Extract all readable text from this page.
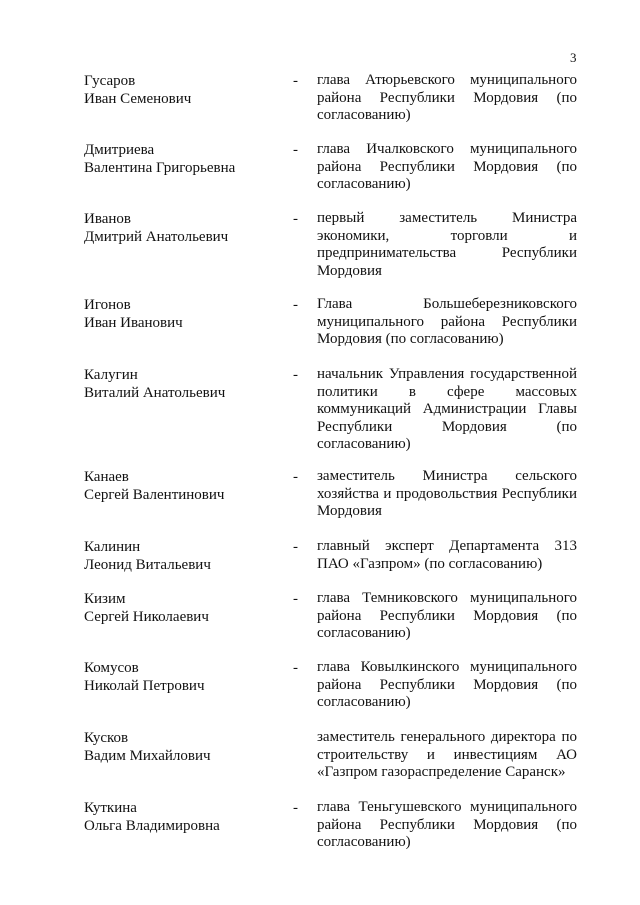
3
Гусаров
Иван Семенович
- глава Атюрьевского муниципального
района Республики Мордовия (по
согласованию)
Дмитриева
Валентина Григорьевна
- глава Ичалковского муниципального
района Республики Мордовия (по
согласованию)
Иванов
Дмитрий Анатольевич
- первый заместитель Министра
экономики, торговли и
предпринимательства Республики
Мордовия
Игонов
Иван Иванович
- Глава Большеберезниковского
муниципального района Республики
Мордовия (по согласованию)
Калугин
Виталий Анатольевич
- начальник Управления государственной
политики в сфере массовых
коммуникаций Администрации Главы
Республики Мордовия (по
согласованию)
Канаев
Сергей Валентинович
- заместитель Министра сельского
хозяйства и продовольствия Республики
Мордовия
Калинин
Леонид Витальевич
- главный эксперт Департамента 313
ПАО «Газпром» (по согласованию)
Кизим
Сергей Николаевич
- глава Темниковского муниципального
района Республики Мордовия (по
согласованию)
Комусов
Николай Петрович
- глава Ковылкинского муниципального
района Республики Мордовия (по
согласованию)
Кусков
Вадим Михайлович
заместитель генерального директора по
строительству и инвестициям АО
«Газпром газораспределение Саранск»
Куткина
Ольга Владимировна
- глава Теньгушевского муниципального
района Республики Мордовия (по
согласованию)
